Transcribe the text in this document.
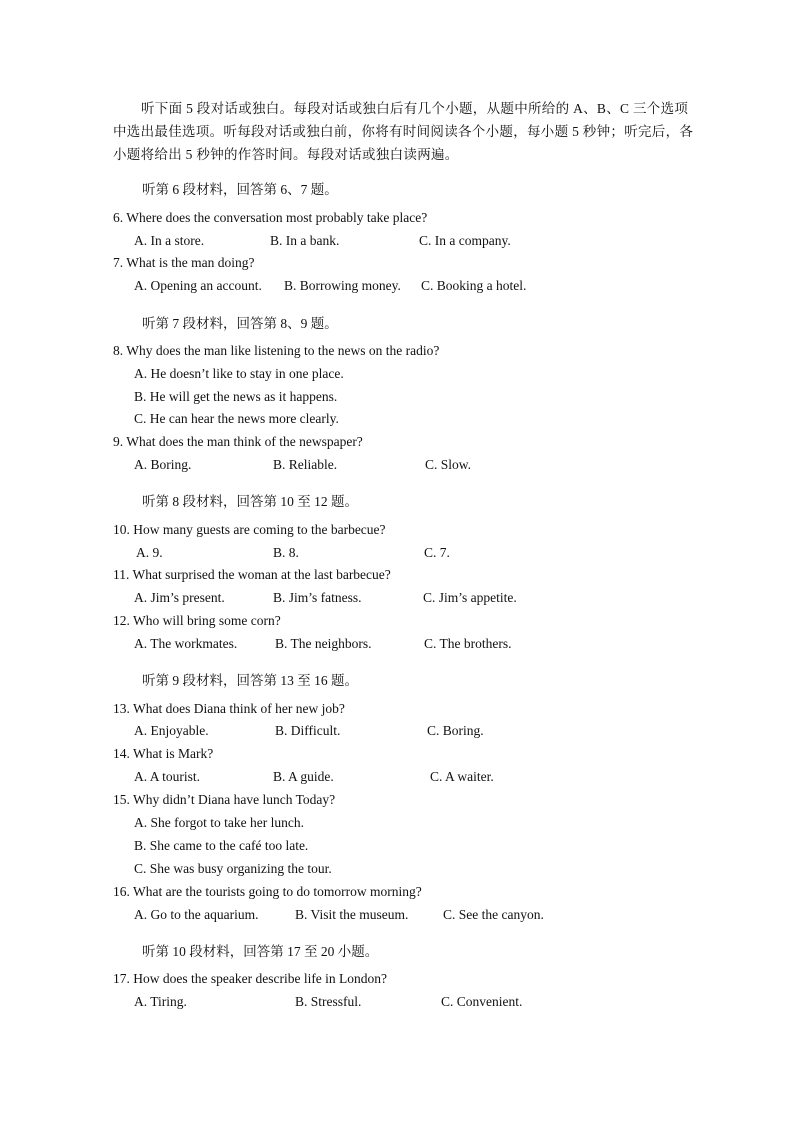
听下面 5 段对话或独白。每段对话或独白后有几个小题，从题中所给的 A、B、C 三个选项中选出最佳选项。听每段对话或独白前，你将有时间阅读各个小题，每小题 5 秒钟；听完后，各小题将给出 5 秒钟的作答时间。每段对话或独白读两遍。

听第 6 段材料，回答第 6、7 题。
6. Where does the conversation most probably take place?
A. In a store.	B. In a bank.	C. In a company.
7. What is the man doing?
A. Opening an account. B. Borrowing money. C. Booking a hotel.
听第 7 段材料，回答第 8、9 题。
8. Why does the man like listening to the news on the radio?
A. He doesn’t like to stay in one place.
B. He will get the news as it happens.
C. He can hear the news more clearly.
9. What does the man think of the newspaper?
A. Boring.	B. Reliable.	C. Slow.
听第 8 段材料，回答第 10 至 12 题。
10. How many guests are coming to the barbecue?
A. 9.	B. 8.	C. 7.
11. What surprised the woman at the last barbecue?
A. Jim’s present.	B. Jim’s fatness.	C. Jim’s appetite.
12. Who will bring some corn?
A. The workmates.	B. The neighbors.	C. The brothers.
听第 9 段材料，回答第 13 至 16 题。
13. What does Diana think of her new job?
A. Enjoyable.	B. Difficult.	C. Boring.
14. What is Mark?
A. A tourist.	B. A guide.	C. A waiter.
15. Why didn’t Diana have lunch Today?
A. She forgot to take her lunch.
B. She came to the café too late.
C. She was busy organizing the tour.
16. What are the tourists going to do tomorrow morning?
A. Go to the aquarium.	B. Visit the museum.	C. See the canyon.
听第 10 段材料，回答第 17 至 20 小题。
17. How does the speaker describe life in London?
A. Tiring.	B. Stressful.	C. Convenient.
